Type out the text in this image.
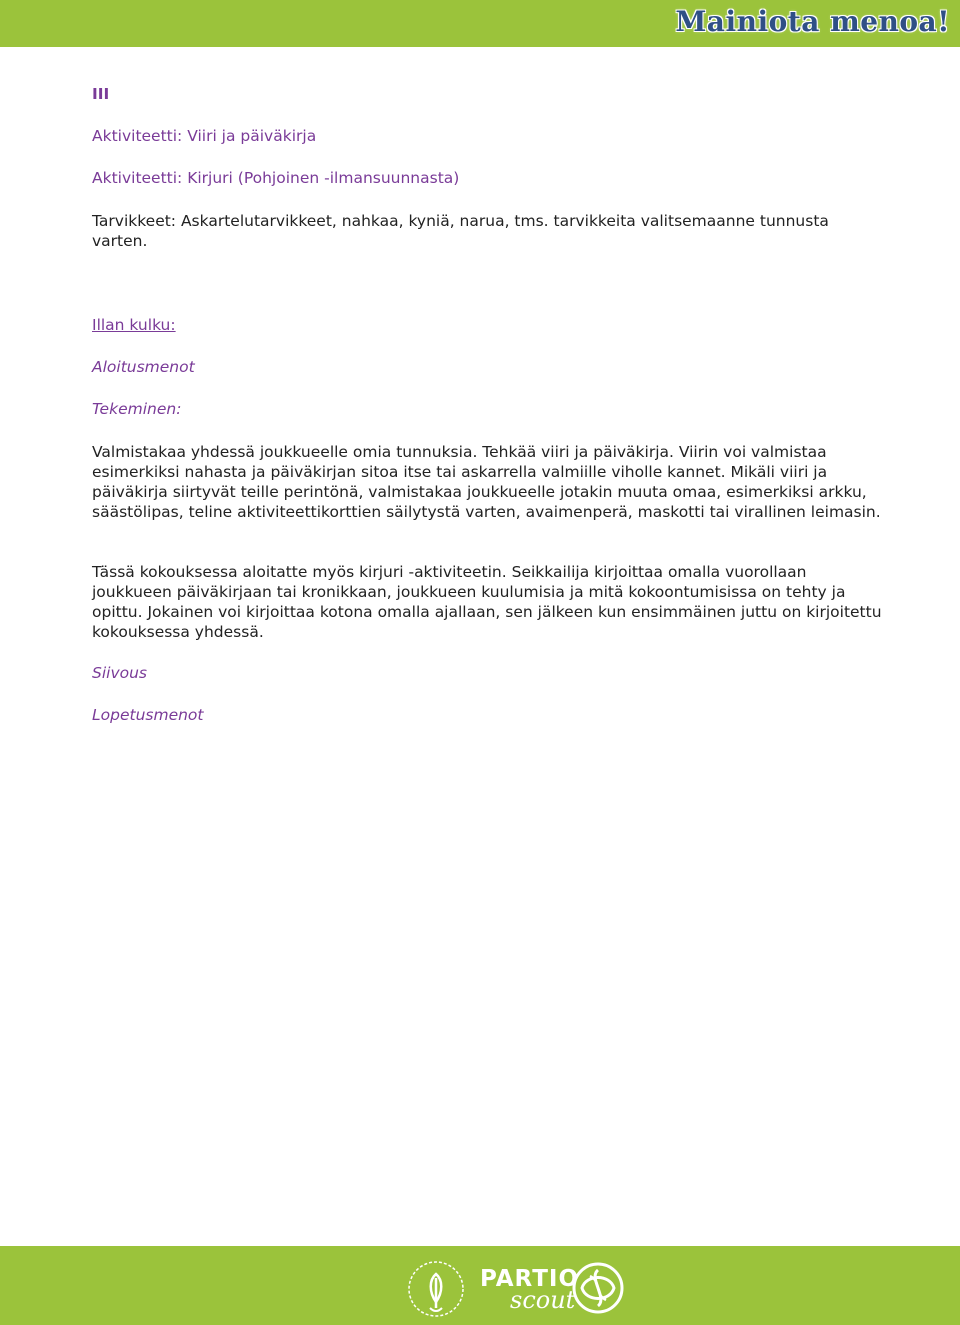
Mainiota menoa!

III

Aktiviteetti: Viiri ja päiväkirja

Aktiviteetti: Kirjuri (Pohjoinen -ilmansuunnasta)

Tarvikkeet: Askartelutarvikkeet, nahkaa, kyniä, narua, tms. tarvikkeita valitsemaanne tunnusta varten.

Illan kulku:

Aloitusmenot

Tekeminen:

Valmistakaa yhdessä joukkueelle omia tunnuksia. Tehkää viiri ja päiväkirja. Viirin voi valmistaa esimerkiksi nahasta ja päiväkirjan sitoa itse tai askarrella valmiille viholle kannet. Mikäli viiri ja päiväkirja siirtyvät teille perintönä, valmistakaa joukkueelle jotakin muuta omaa, esimerkiksi arkku, säästölipas, teline aktiviteettikorttien säilytystä varten, avaimenperä, maskotti tai virallinen leimasin.

Tässä kokouksessa aloitatte myös kirjuri -aktiviteetin. Seikkailija kirjoittaa omalla vuorollaan joukkueen päiväkirjaan tai kronikkaan, joukkueen kuulumisia ja mitä kokoontumisissa on tehty ja opittu. Jokainen voi kirjoittaa kotona omalla ajallaan, sen jälkeen kun ensimmäinen juttu on kirjoitettu kokouksessa yhdessä.

Siivous

Lopetusmenot

PARTIO
scout
